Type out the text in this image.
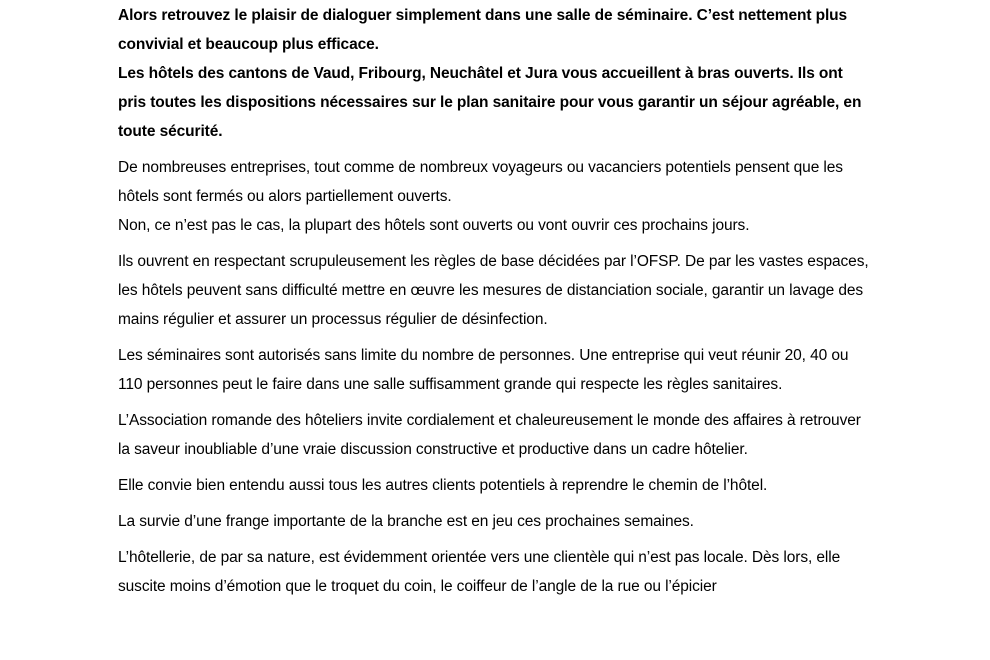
Alors retrouvez le plaisir de dialoguer simplement dans une salle de séminaire. C’est nettement plus convivial et beaucoup plus efficace.
Les hôtels des cantons de Vaud, Fribourg, Neuchâtel et Jura vous accueillent à bras ouverts. Ils ont pris toutes les dispositions nécessaires sur le plan sanitaire pour vous garantir un séjour agréable, en toute sécurité.

De nombreuses entreprises, tout comme de nombreux voyageurs ou vacanciers potentiels pensent que les hôtels sont fermés ou alors partiellement ouverts.
Non, ce n’est pas le cas, la plupart des hôtels sont ouverts ou vont ouvrir ces prochains jours.

Ils ouvrent en respectant scrupuleusement les règles de base décidées par l’OFSP. De par les vastes espaces, les hôtels peuvent sans difficulté mettre en œuvre les mesures de distanciation sociale, garantir un lavage des mains régulier et assurer un processus régulier de désinfection.

Les séminaires sont autorisés sans limite du nombre de personnes. Une entreprise qui veut réunir 20, 40 ou 110 personnes peut le faire dans une salle suffisamment grande qui respecte les règles sanitaires.

L’Association romande des hôteliers invite cordialement et chaleureusement le monde des affaires à retrouver la saveur inoubliable d’une vraie discussion constructive et productive dans un cadre hôtelier.

Elle convie bien entendu aussi tous les autres clients potentiels à reprendre le chemin de l’hôtel.

La survie d’une frange importante de la branche est en jeu ces prochaines semaines.

L’hôtellerie, de par sa nature, est évidemment orientée vers une clientèle qui n’est pas locale. Dès lors, elle suscite moins d’émotion que le troquet du coin, le coiffeur de l’angle de la rue ou l’épicier
